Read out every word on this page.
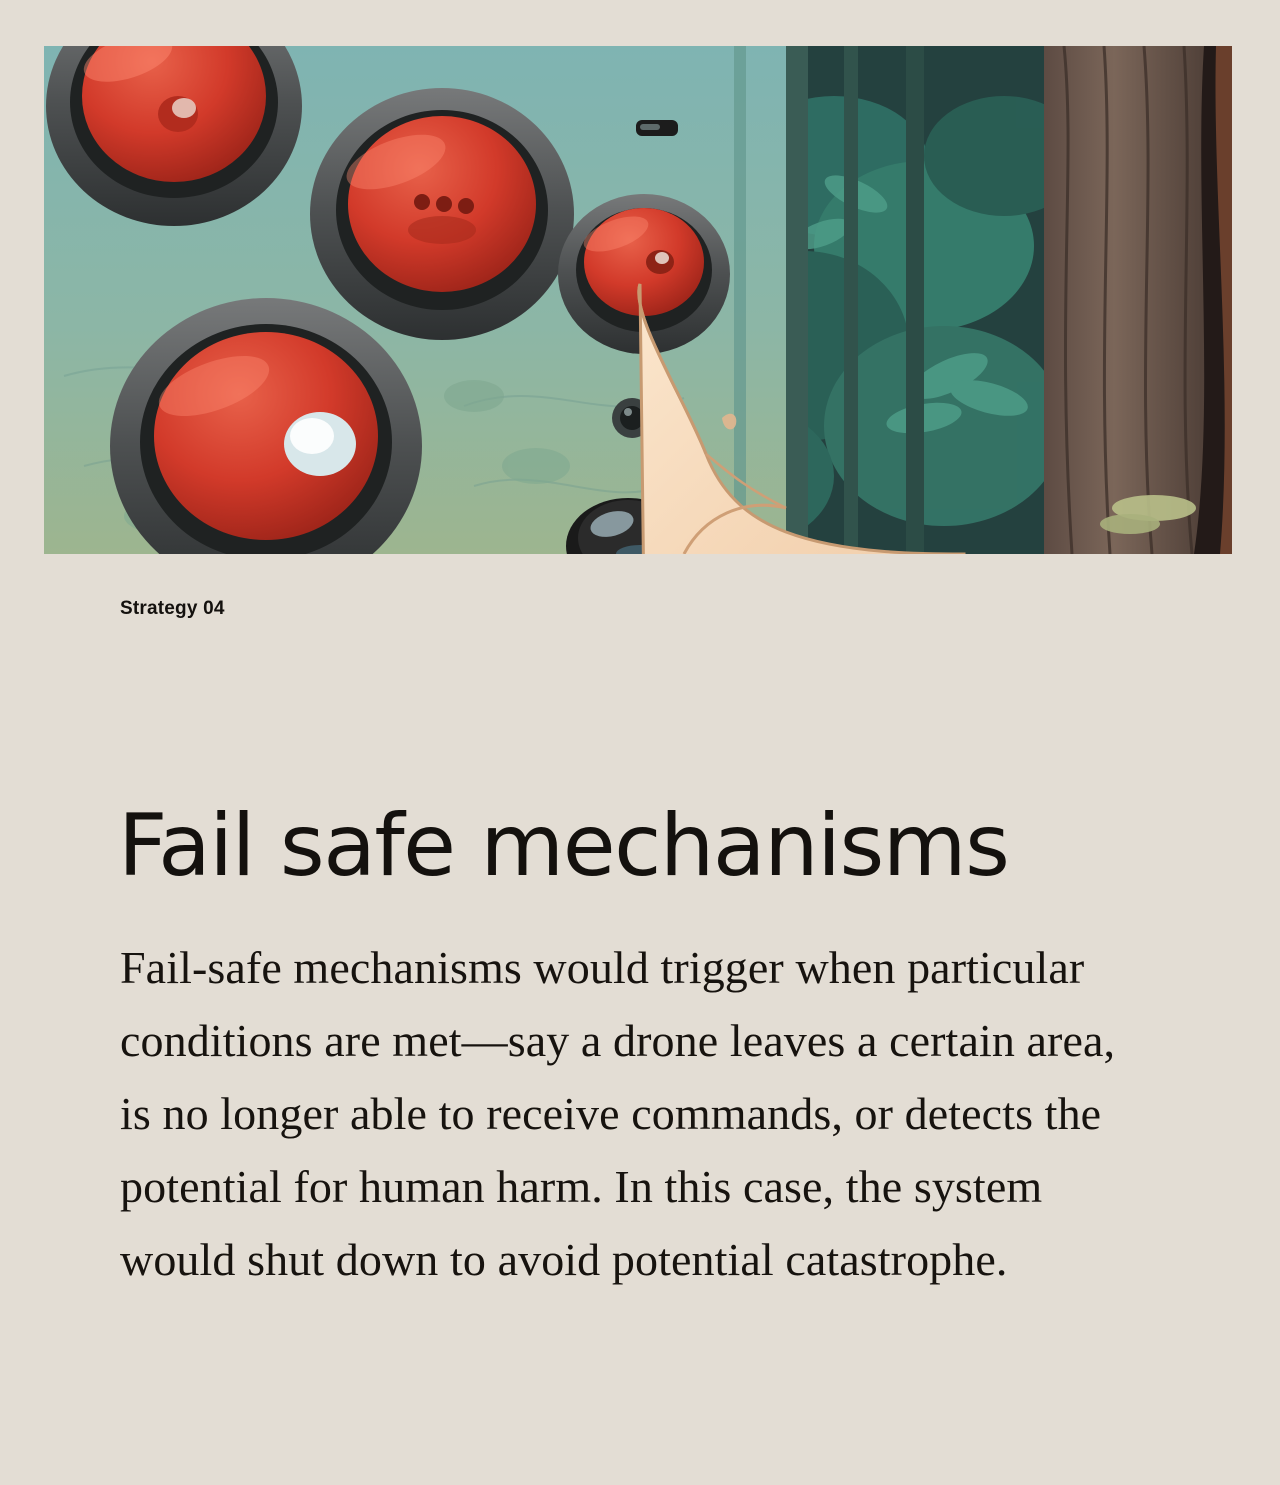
Strategy 04
Fail safe mechanisms

Fail-safe mechanisms would trigger when particular conditions are met—say a drone leaves a certain area, is no longer able to receive commands, or detects the potential for human harm. In this case, the system would shut down to avoid potential catastrophe.
